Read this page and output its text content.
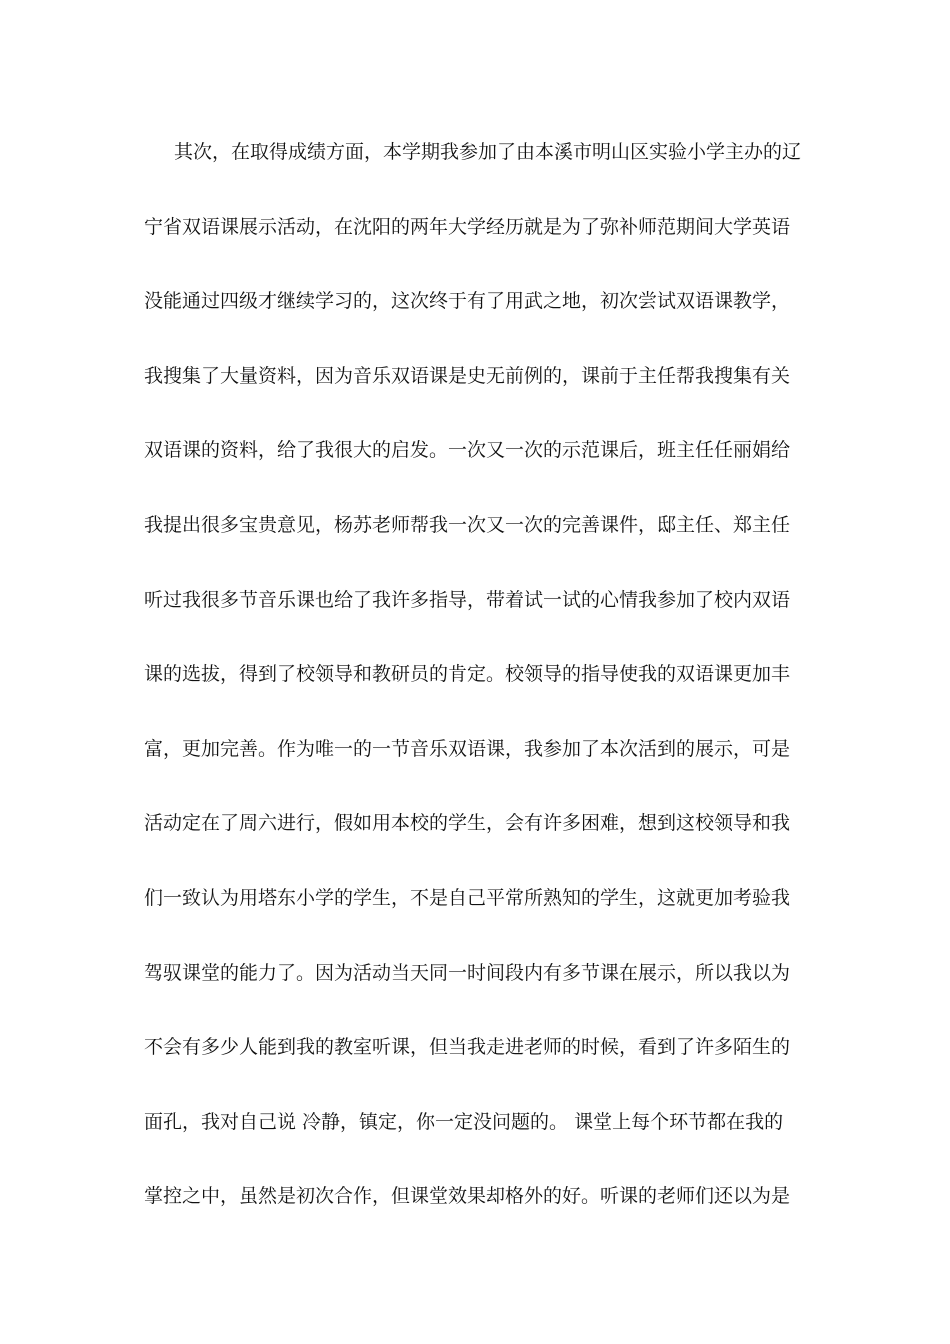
其次，在取得成绩方面，本学期我参加了由本溪市明山区实验小学主办的辽
宁省双语课展示活动，在沈阳的两年大学经历就是为了弥补师范期间大学英语
没能通过四级才继续学习的，这次终于有了用武之地，初次尝试双语课教学，
我搜集了大量资料，因为音乐双语课是史无前例的，课前于主任帮我搜集有关
双语课的资料，给了我很大的启发。一次又一次的示范课后，班主任任丽娟给
我提出很多宝贵意见，杨苏老师帮我一次又一次的完善课件，邸主任、郑主任
听过我很多节音乐课也给了我许多指导，带着试一试的心情我参加了校内双语
课的选拔，得到了校领导和教研员的肯定。校领导的指导使我的双语课更加丰
富，更加完善。作为唯一的一节音乐双语课，我参加了本次活到的展示，可是
活动定在了周六进行，假如用本校的学生，会有许多困难，想到这校领导和我
们一致认为用塔东小学的学生，不是自己平常所熟知的学生，这就更加考验我
驾驭课堂的能力了。因为活动当天同一时间段内有多节课在展示，所以我以为
不会有多少人能到我的教室听课，但当我走进老师的时候，看到了许多陌生的
面孔，我对自己说 冷静，镇定，你一定没问题的。 课堂上每个环节都在我的
掌控之中，虽然是初次合作，但课堂效果却格外的好。听课的老师们还以为是
